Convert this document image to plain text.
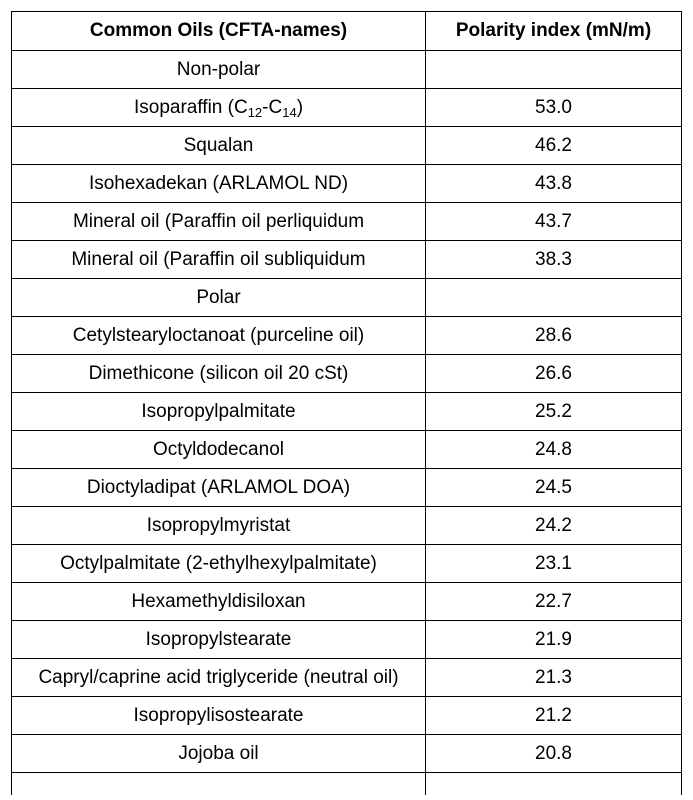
Common Oils (CFTA-names)	Polarity index (mN/m)
Non-polar	
Isoparaffin $(C_{12}-C_{14})$	53.0
Squalan	46.2
Isohexadekan (ARLAMOL ND)	43.8
Mineral oil (Paraffin oil perliquidum	43.7
Mineral oil (Paraffin oil subliquidum	38.3
Polar	
Cetylstearyloctanoat (purceline oil)	28.6
Dimethicone (silicon oil 20 cSt)	26.6
Isopropylpalmitate	25.2
Octyldodecanol	24.8
Dioctyladipat (ARLAMOL DOA)	24.5
Isopropylmyristat	24.2
Octylpalmitate (2-ethylhexylpalmitate)	23.1
Hexamethyldisiloxan	22.7
Isopropylstearate	21.9
Capryl/caprine acid triglyceride (neutral oil)	21.3
Isopropylisostearate	21.2
Jojoba oil	20.8
